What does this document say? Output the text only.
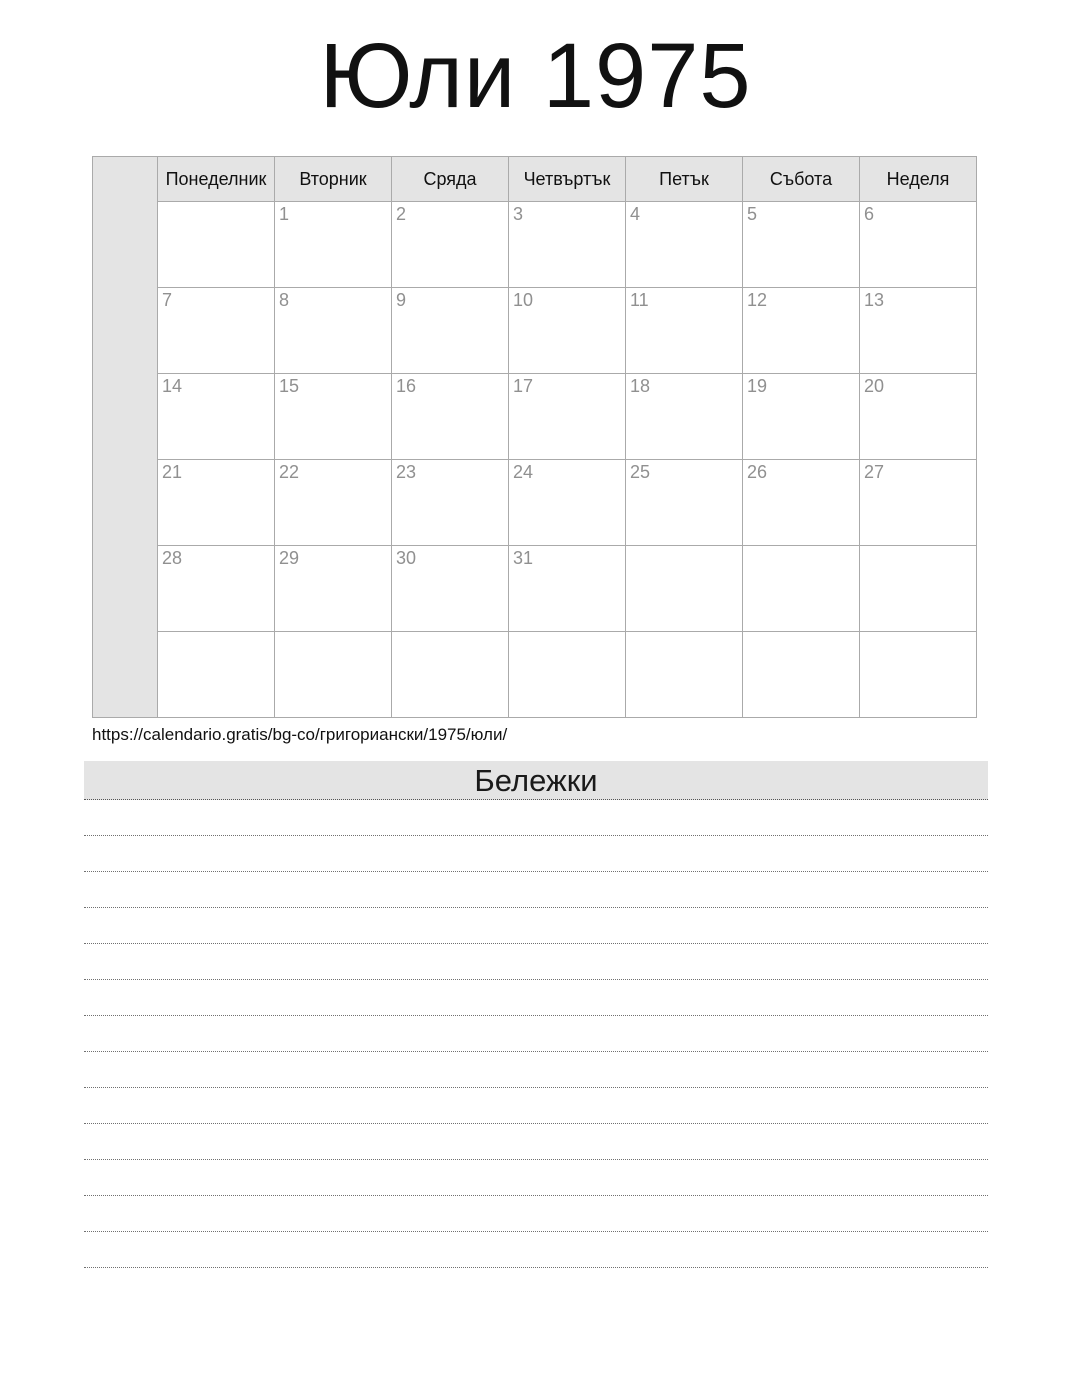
Юли 1975
	Понеделник	Вторник	Сряда	Четвъртък	Петък	Събота	Неделя
		1	2	3	4	5	6
	7	8	9	10	11	12	13
	14	15	16	17	18	19	20
	21	22	23	24	25	26	27
	28	29	30	31			

https://calendario.gratis/bg-co/григориански/1975/юли/
Бележки
